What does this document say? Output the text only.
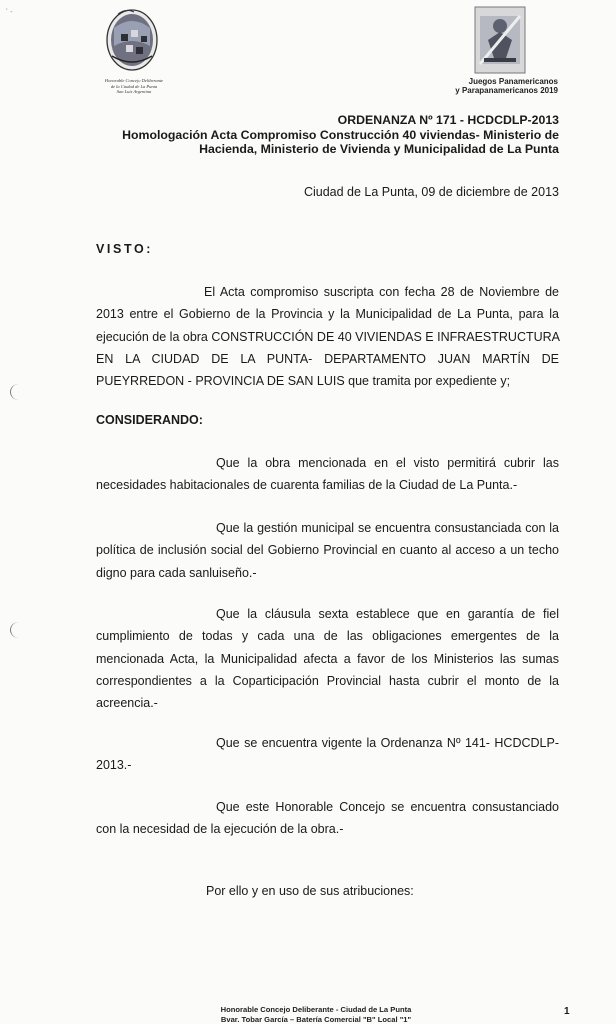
‘ -
Honorable Concejo Deliberante
de la Ciudad de La Punta
San Luis Argentina
Juegos Panamericanos
y Parapanamericanos 2019
ORDENANZA Nº 171 - HCDCDLP-2013
Homologación Acta Compromiso Construcción 40 viviendas- Ministerio de
Hacienda, Ministerio de Vivienda y Municipalidad de La Punta
Ciudad de La Punta, 09 de diciembre de 2013
VISTO:
El Acta compromiso suscripta con fecha 28 de Noviembre de
2013 entre el Gobierno de la Provincia y la Municipalidad de La Punta, para la
ejecución de la obra CONSTRUCCIÓN DE 40 VIVIENDAS E INFRAESTRUCTURA
EN LA CIUDAD DE LA PUNTA- DEPARTAMENTO JUAN MARTÍN DE
PUEYRREDON - PROVINCIA DE SAN LUIS que tramita por expediente y;
CONSIDERANDO:
Que la obra mencionada en el visto permitirá cubrir las
necesidades habitacionales de cuarenta familias de la Ciudad de La Punta.-
Que la gestión municipal se encuentra consustanciada con la
política de inclusión social del Gobierno Provincial en cuanto al acceso a un techo
digno para cada sanluiseño.-
Que la cláusula sexta establece que en garantía de fiel
cumplimiento de todas y cada una de las obligaciones emergentes de la
mencionada Acta, la Municipalidad afecta a favor de los Ministerios las sumas
correspondientes a la Coparticipación Provincial hasta cubrir el monto de la
acreencia.-
Que se encuentra vigente la Ordenanza Nº 141- HCDCDLP-
2013.-
Que este Honorable Concejo se encuentra consustanciado
con la necesidad de la ejecución de la obra.-
Por ello y en uso de sus atribuciones:
Honorable Concejo Deliberante - Ciudad de La Punta
Bvar. Tobar García – Batería Comercial "B" Local "1"
1
